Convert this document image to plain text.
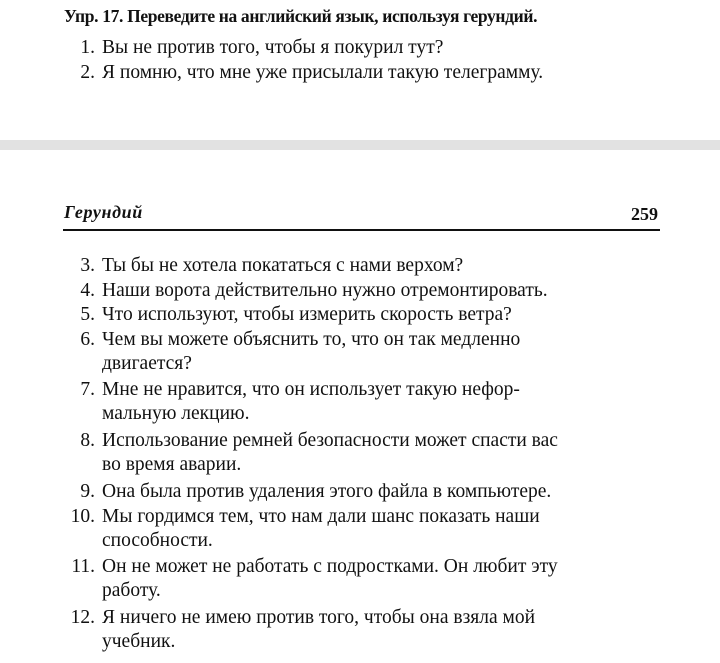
Упр. 17. Переведите на английский язык, используя герундий.
1. Вы не против того, чтобы я покурил тут?
2. Я помню, что мне уже присылали такую телеграмму.
Герундий	259
3. Ты бы не хотела покататься с нами верхом?
4. Наши ворота действительно нужно отремонтировать.
5. Что используют, чтобы измерить скорость ветра?
6. Чем вы можете объяснить то, что он так медленно
двигается?
7. Мне не нравится, что он использует такую нефор-
мальную лекцию.
8. Использование ремней безопасности может спасти вас
во время аварии.
9. Она была против удаления этого файла в компьютере.
10. Мы гордимся тем, что нам дали шанс показать наши
способности.
11. Он не может не работать с подростками. Он любит эту
работу.
12. Я ничего не имею против того, чтобы она взяла мой
учебник.
